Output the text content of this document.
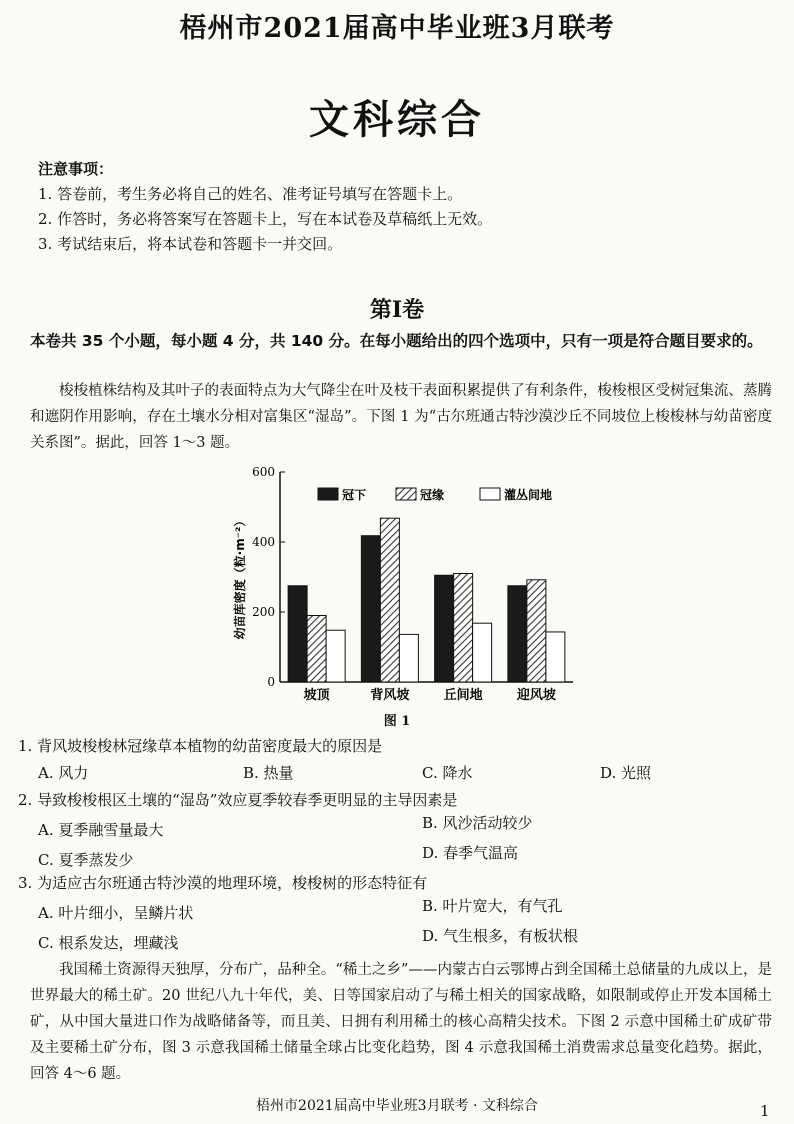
梧州市2021届高中毕业班3月联考
文科综合
注意事项：
1. 答卷前，考生务必将自己的姓名、准考证号填写在答题卡上。
2. 作答时，务必将答案写在答题卡上，写在本试卷及草稿纸上无效。
3. 考试结束后，将本试卷和答题卡一并交回。
第Ⅰ卷
本卷共 35 个小题，每小题 4 分，共 140 分。在每小题给出的四个选项中，只有一项是符合题目要求的。
梭梭植株结构及其叶子的表面特点为大气降尘在叶及枝干表面积累提供了有利条件，梭梭根区受树冠集流、蒸腾和遮阴作用影响，存在土壤水分相对富集区“湿岛”。下图 1 为“古尔班通古特沙漠沙丘不同坡位上梭梭林与幼苗密度关系图”。据此，回答 1～3 题。
0
200
400
600
幼苗库密度（粒·m⁻²）
坡顶	背风坡	丘间地	迎风坡
冠下	冠缘	灌丛间地
图 1
1. 背风坡梭梭林冠缘草本植物的幼苗密度最大的原因是
A. 风力	B. 热量	C. 降水	D. 光照
2. 导致梭梭根区土壤的“湿岛”效应夏季较春季更明显的主导因素是
A. 夏季融雪量最大	B. 风沙活动较少
C. 夏季蒸发少	D. 春季气温高
3. 为适应古尔班通古特沙漠的地理环境，梭梭树的形态特征有
A. 叶片细小，呈鳞片状	B. 叶片宽大，有气孔
C. 根系发达，埋藏浅	D. 气生根多，有板状根
我国稀土资源得天独厚，分布广，品种全。“稀土之乡”——内蒙古白云鄂博占到全国稀土总储量的九成以上，是世界最大的稀土矿。20 世纪八九十年代，美、日等国家启动了与稀土相关的国家战略，如限制或停止开发本国稀土矿，从中国大量进口作为战略储备等，而且美、日拥有利用稀土的核心高精尖技术。下图 2 示意中国稀土矿成矿带及主要稀土矿分布，图 3 示意我国稀土储量全球占比变化趋势，图 4 示意我国稀土消费需求总量变化趋势。据此，回答 4～6 题。
梧州市2021届高中毕业班3月联考 · 文科综合	1
